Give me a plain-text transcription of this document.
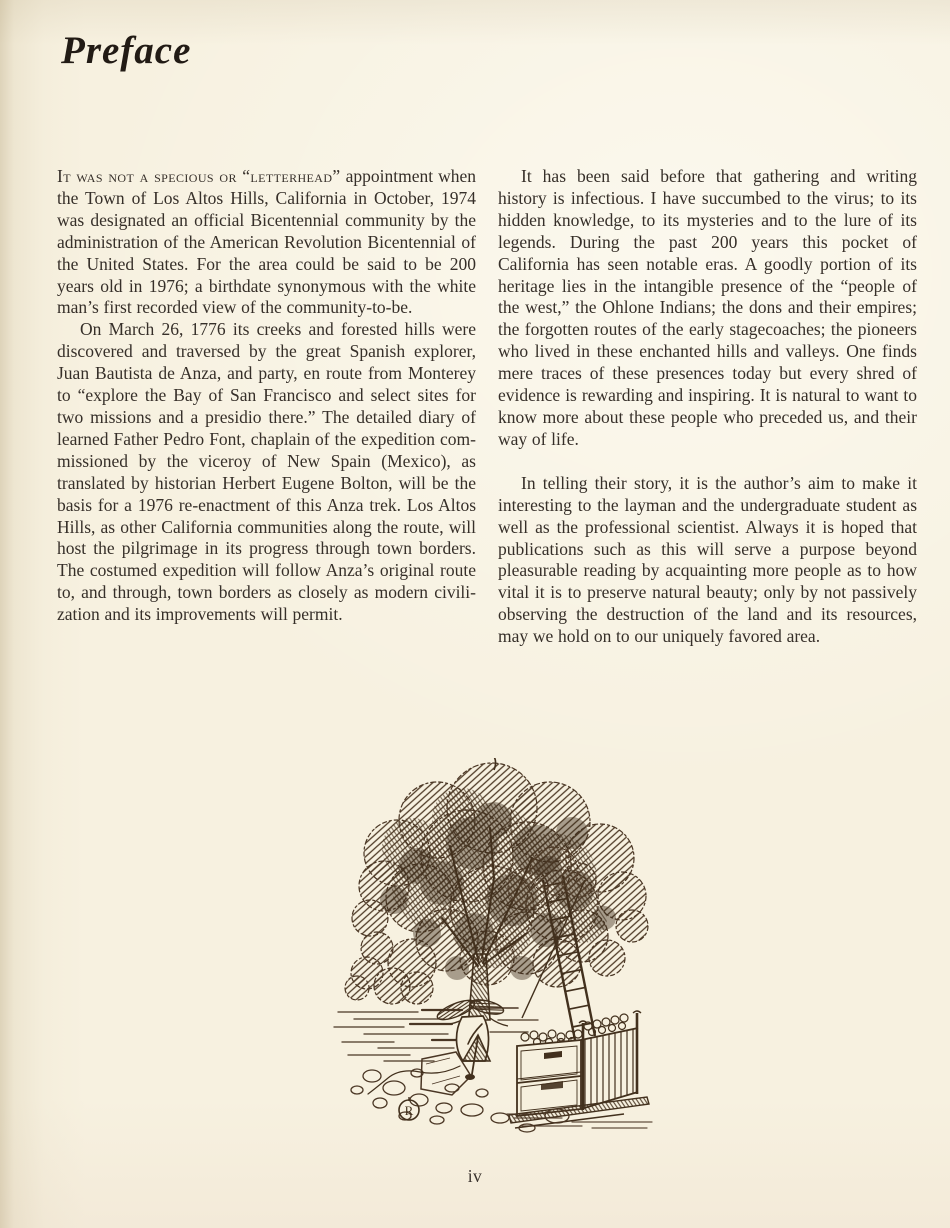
Preface

It was not a specious or “letterhead” appointment when the Town of Los Altos Hills, California in October, 1974 was designated an official Bicentennial community by the administration of the American Revolution Bicentennial of the United States. For the area could be said to be 200 years old in 1976; a birthdate synonymous with the white man’s first recorded view of the community-to-be.

On March 26, 1776 its creeks and forested hills were discovered and traversed by the great Spanish explorer, Juan Bautista de Anza, and party, en route from Monterey to “explore the Bay of San Francisco and select sites for two missions and a presidio there.” The detailed diary of learned Father Pedro Font, chaplain of the expedition commissioned by the viceroy of New Spain (Mexico), as translated by historian Herbert Eugene Bolton, will be the basis for a 1976 re-enactment of this Anza trek. Los Altos Hills, as other California communities along the route, will host the pilgrimage in its progress through town borders. The costumed expedition will follow Anza’s original route to, and through, town borders as closely as modern civilization and its improvements will permit.

It has been said before that gathering and writing history is infectious. I have succumbed to the virus; to its hidden knowledge, to its mysteries and to the lure of its legends. During the past 200 years this pocket of California has seen notable eras. A goodly portion of its heritage lies in the intangible presence of the “people of the west,” the Ohlone Indians; the dons and their empires; the forgotten routes of the early stagecoaches; the pioneers who lived in these enchanted hills and valleys. One finds mere traces of these presences today but every shred of evidence is rewarding and inspiring. It is natural to want to know more about these people who preceded us, and their way of life.

In telling their story, it is the author’s aim to make it interesting to the layman and the undergraduate student as well as the professional scientist. Always it is hoped that publications such as this will serve a purpose beyond pleasurable reading by acquainting more people as to how vital it is to preserve natural beauty; only by not passively observing the destruction of the land and its resources, may we hold on to our uniquely favored area.

R
iv
